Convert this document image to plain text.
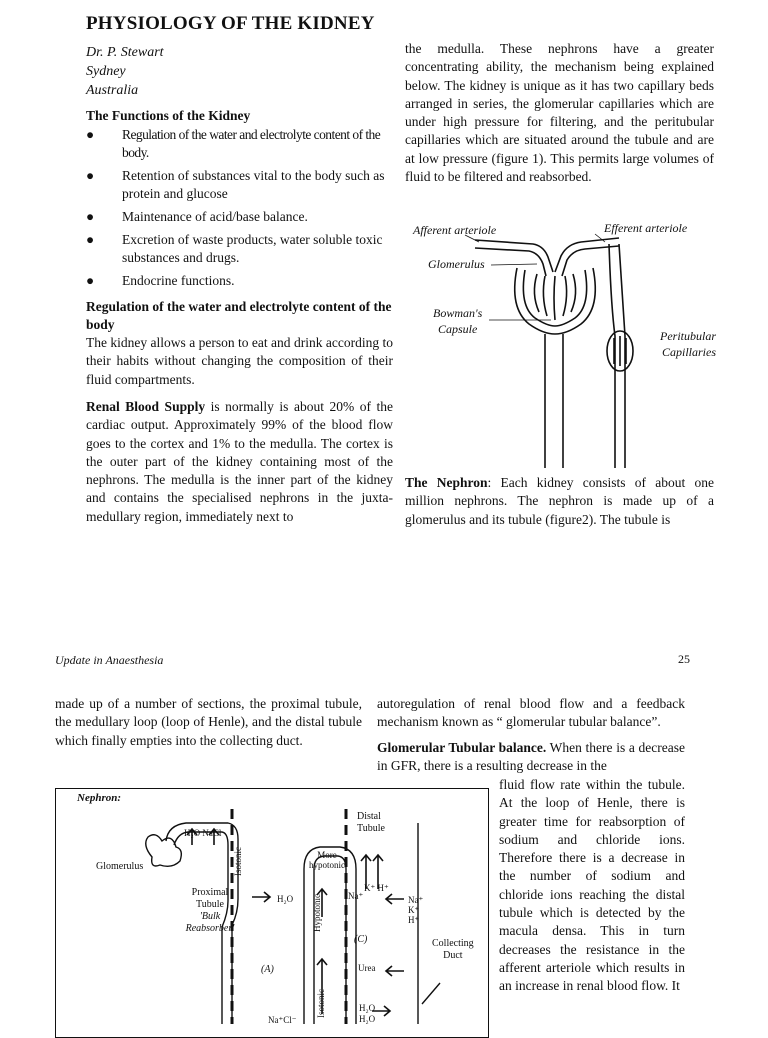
PHYSIOLOGY OF THE KIDNEY
Dr. P. Stewart
Sydney
Australia
The Functions of the Kidney
● Regulation of the water and electrolyte content of the body.
● Retention of substances vital to the body such as protein and glucose
● Maintenance of acid/base balance.
● Excretion of waste products, water soluble toxic substances and drugs.
● Endocrine functions.
Regulation of the water and electrolyte content of the body
The kidney allows a person to eat and drink according to their habits without changing the composition of their fluid compartments.
Renal Blood Supply is normally is about 20% of the cardiac output. Approximately 99% of the blood flow goes to the cortex and 1% to the medulla. The cortex is the outer part of the kidney containing most of the nephrons. The medulla is the inner part of the kidney and contains the specialised nephrons in the juxta-medullary region, immediately next to
the medulla. These nephrons have a greater concentrating ability, the mechanism being explained below. The kidney is unique as it has two capillary beds arranged in series, the glomerular capillaries which are under high pressure for filtering, and the peritubular capillaries which are situated around the tubule and are at low pressure (figure 1). This permits large volumes of fluid to be filtered and reabsorbed.
Afferent arteriole	Efferent arteriole
Glomerulus
Bowman's
Capsule	Peritubular
Capillaries
The Nephron: Each kidney consists of about one million nephrons. The nephron is made up of a glomerulus and its tubule (figure2). The tubule is
Update in Anaesthesia	25
made up of a number of sections, the proximal tubule, the medullary loop (loop of Henle), and the distal tubule which finally empties into the collecting duct.
autoregulation of renal blood flow and a feedback mechanism known as “ glomerular tubular balance”.
Glomerular Tubular balance. When there is a decrease in GFR, there is a resulting decrease in the
fluid flow rate within the tubule. At the loop of Henle, there is greater time for reabsorption of sodium and chloride ions. Therefore there is a decrease in the number of sodium and chloride ions reaching the distal tubule which is detected by the macula densa. This in turn decreases the resistance in the afferent arteriole which results in an increase in renal blood flow. It
Nephron:
H₂O NaCl
Glomerulus
Proximal
Tubule
'Bulk
Reabsorber'
Isotonic
H₂O Hypotonic
Isotonic
(A)
(C)
Distal
Tubule
More
hypotonic
K⁺ H⁺
Na⁺	Na⁺
K⁺
H⁺
Urea
Collecting
Duct
H₂O
H₂O
Na⁺Cl⁻
